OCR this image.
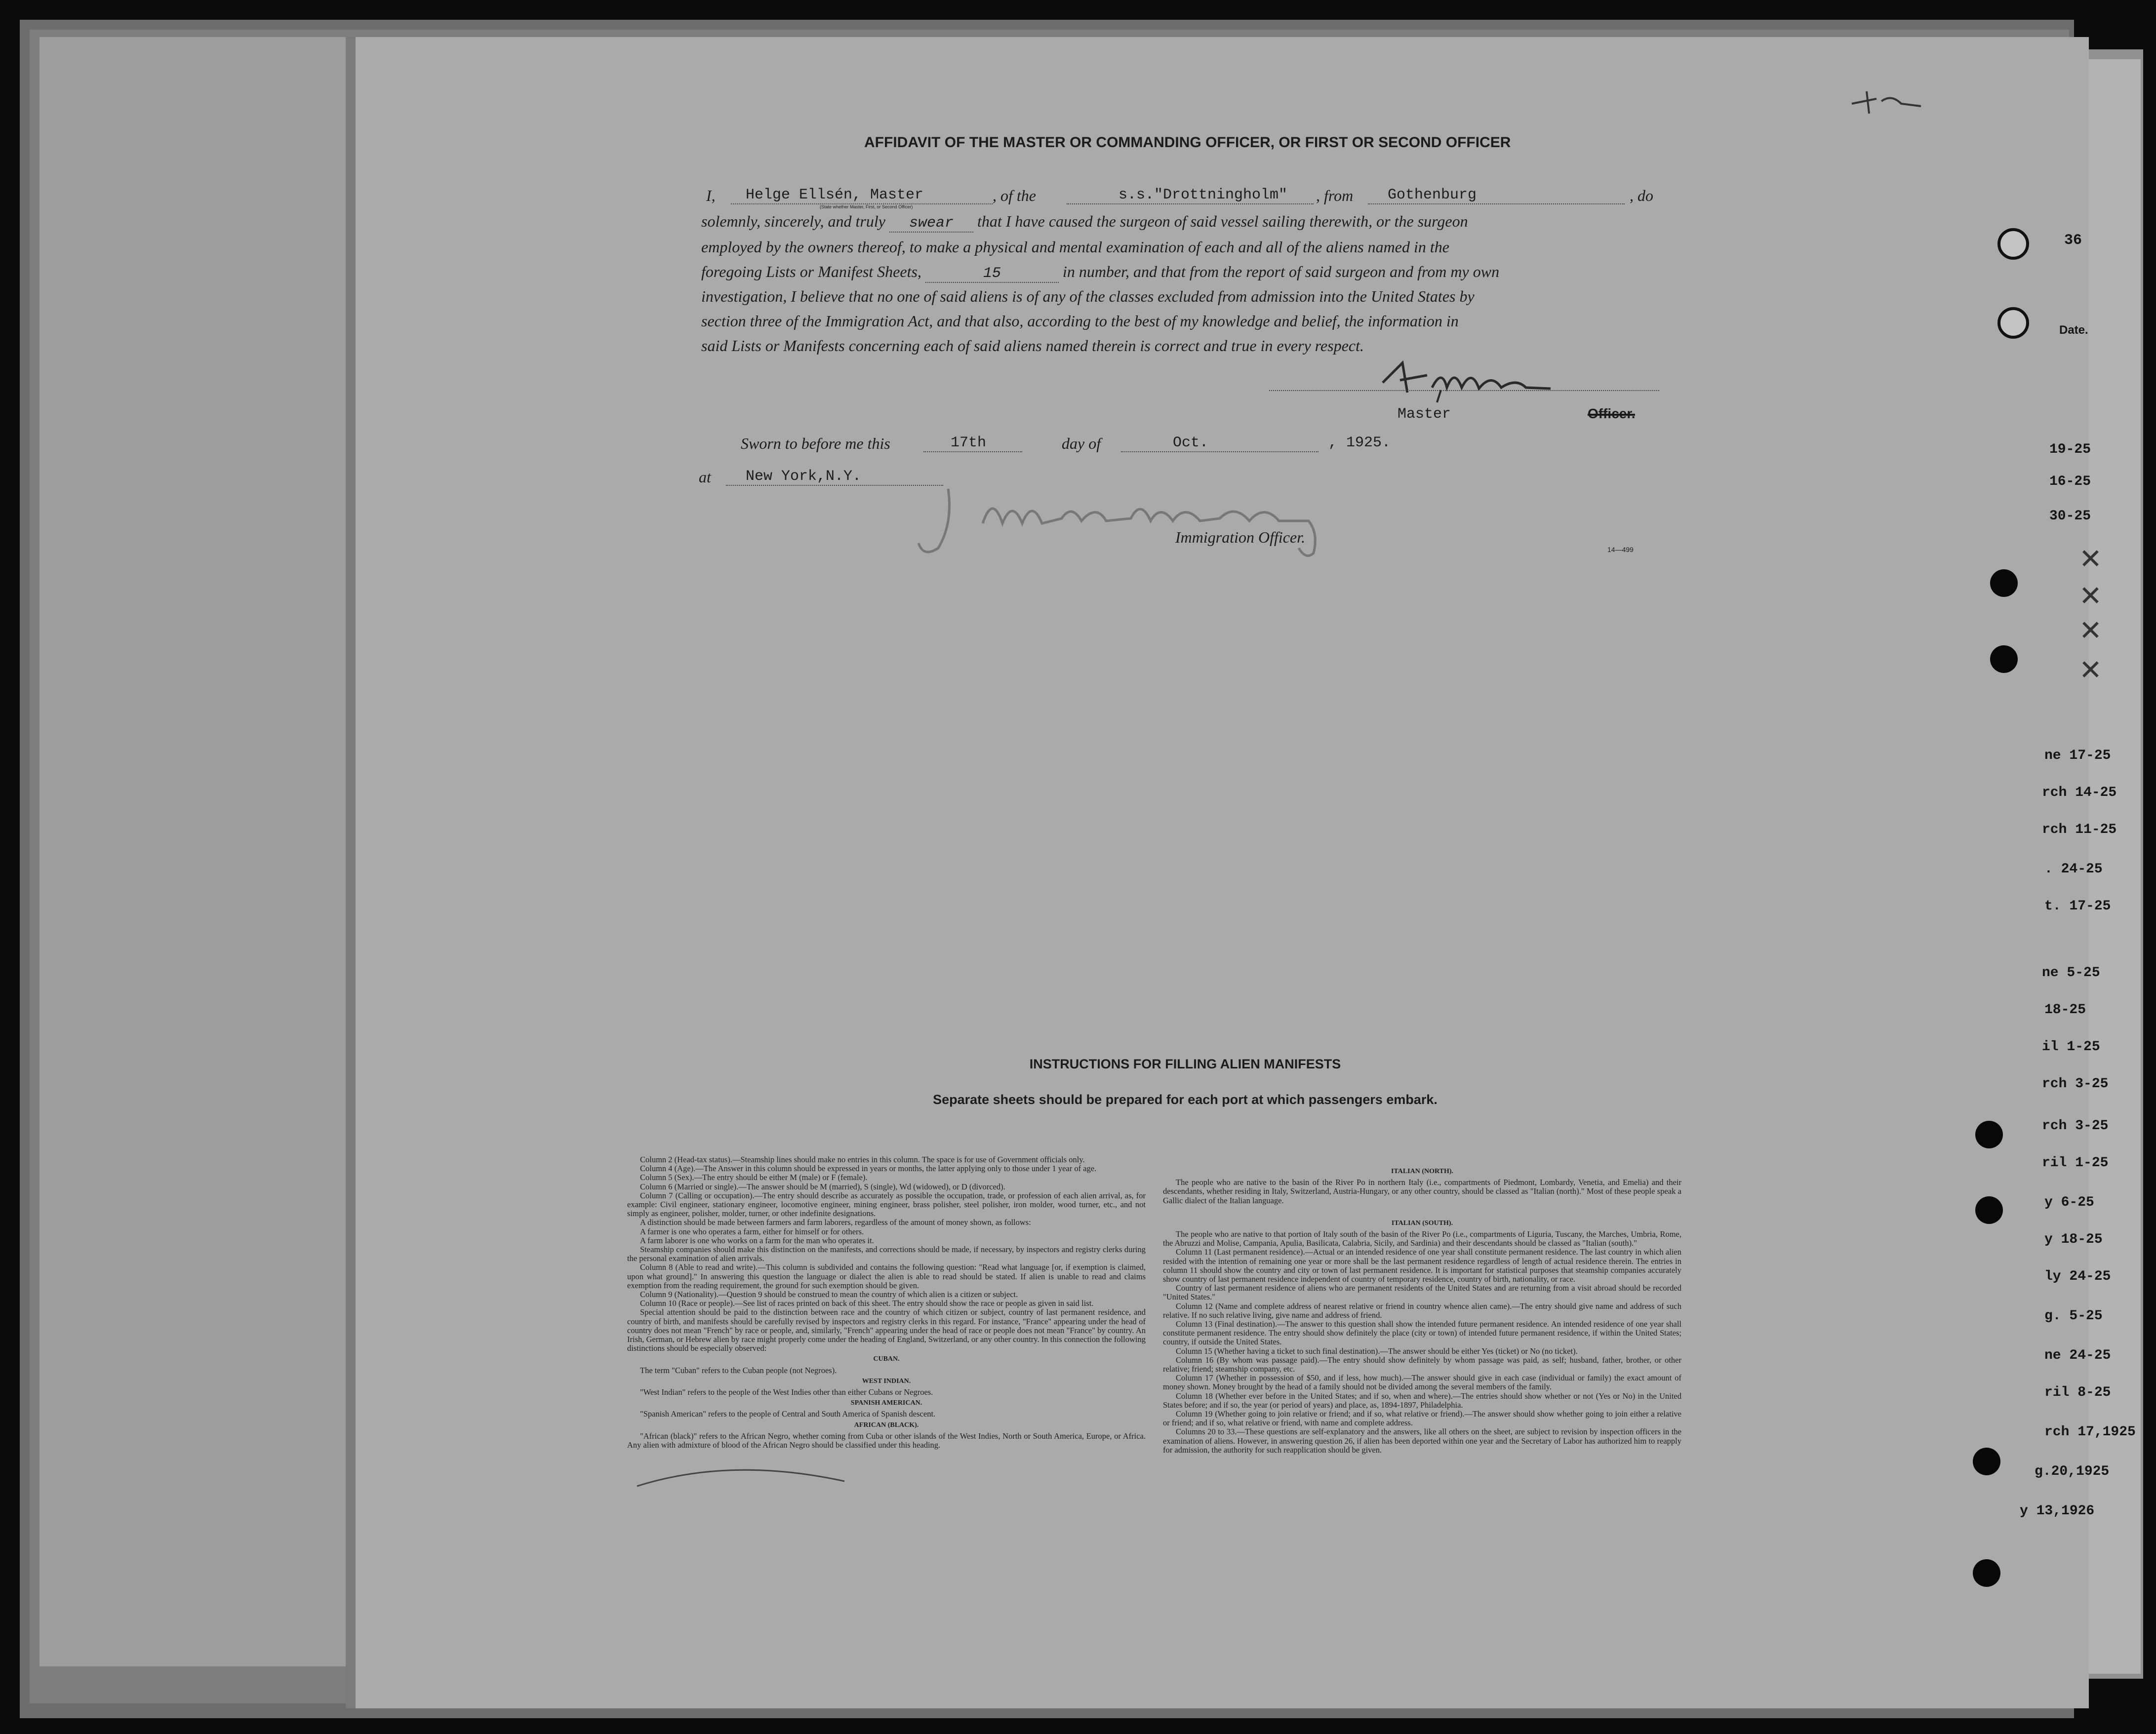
AFFIDAVIT OF THE MASTER OR COMMANDING OFFICER, OR FIRST OR SECOND OFFICER
I, Helge Ellsén, Master
(State whether Master, First, or Second Officer)
, of the	s.s."Drottningholm" , from Gothenburg	, do
solemnly, sincerely, and truly swear that I have caused the surgeon of said vessel sailing therewith, or the surgeon
employed by the owners thereof, to make a physical and mental examination of each and all of the aliens named in the
foregoing Lists or Manifest Sheets,	15	in number, and that from the report of said surgeon and from my own
investigation, I believe that no one of said aliens is of any of the classes excluded from admission into the United States by
section three of the Immigration Act, and that also, according to the best of my knowledge and belief, the information in
said Lists or Manifests concerning each of said aliens named therein is correct and true in every respect.
Master
Sworn to before me this	17th	day of	Oct.	, 1925.
at New York,N.Y.
Immigration Officer.
14—499
INSTRUCTIONS FOR FILLING ALIEN MANIFESTS
Separate sheets should be prepared for each port at which passengers embark.

Column 2 (Head-tax status).—Steamship lines should make no entries in this column. The space is for use of Government officials only.

Column 4 (Age).—The Answer in this column should be expressed in years or months, the latter applying only to those under 1 year of age.

Column 5 (Sex).—The entry should be either M (male) or F (female).

Column 6 (Married or single).—The answer should be M (married), S (single), Wd (widowed), or D (divorced).

Column 7 (Calling or occupation).—The entry should describe as accurately as possible the occupation, trade, or profession of each alien arrival, as, for example: Civil engineer, stationary engineer, locomotive engineer, mining engineer, brass polisher, steel polisher, iron molder, wood turner, etc., and not simply as engineer, polisher, molder, turner, or other indefinite designations.

A distinction should be made between farmers and farm laborers, regardless of the amount of money shown, as follows:

A farmer is one who operates a farm, either for himself or for others.

A farm laborer is one who works on a farm for the man who operates it.

Steamship companies should make this distinction on the manifests, and corrections should be made, if necessary, by inspectors and registry clerks during the personal examination of alien arrivals.

Column 8 (Able to read and write).—This column is subdivided and contains the following question: "Read what language [or, if exemption is claimed, upon what ground]." In answering this question the language or dialect the alien is able to read should be stated. If alien is unable to read and claims exemption from the reading requirement, the ground for such exemption should be given.

Column 9 (Nationality).—Question 9 should be construed to mean the country of which alien is a citizen or subject.

Column 10 (Race or people).—See list of races printed on back of this sheet. The entry should show the race or people as given in said list.

Special attention should be paid to the distinction between race and the country of which citizen or subject, country of last permanent residence, and country of birth, and manifests should be carefully revised by inspectors and registry clerks in this regard. For instance, "France" appearing under the head of country does not mean "French" by race or people, and, similarly, "French" appearing under the head of race or people does not mean "France" by country. An Irish, German, or Hebrew alien by race might properly come under the heading of England, Switzerland, or any other country. In this connection the following distinctions should be especially observed:

CUBAN.

The term "Cuban" refers to the Cuban people (not Negroes).

WEST INDIAN.

"West Indian" refers to the people of the West Indies other than either Cubans or Negroes.

SPANISH AMERICAN.

"Spanish American" refers to the people of Central and South America of Spanish descent.

AFRICAN (BLACK).

"African (black)" refers to the African Negro, whether coming from Cuba or other islands of the West Indies, North or South America, Europe, or Africa. Any alien with admixture of blood of the African Negro should be classified under this heading.

ITALIAN (NORTH).

The people who are native to the basin of the River Po in northern Italy (i.e., compartments of Piedmont, Lombardy, Venetia, and Emelia) and their descendants, whether residing in Italy, Switzerland, Austria-Hungary, or any other country, should be classed as "Italian (north)." Most of these people speak a Gallic dialect of the Italian language.

ITALIAN (SOUTH).

The people who are native to that portion of Italy south of the basin of the River Po (i.e., compartments of Liguria, Tuscany, the Marches, Umbria, Rome, the Abruzzi and Molise, Campania, Apulia, Basilicata, Calabria, Sicily, and Sardinia) and their descendants should be classed as "Italian (south)."

Column 11 (Last permanent residence).—Actual or an intended residence of one year shall constitute permanent residence. The last country in which alien resided with the intention of remaining one year or more shall be the last permanent residence regardless of length of actual residence therein. The entries in column 11 should show the country and city or town of last permanent residence. It is important for statistical purposes that steamship companies accurately show country of last permanent residence independent of country of temporary residence, country of birth, nationality, or race.

Country of last permanent residence of aliens who are permanent residents of the United States and are returning from a visit abroad should be recorded "United States."

Column 12 (Name and complete address of nearest relative or friend in country whence alien came).—The entry should give name and address of such relative. If no such relative living, give name and address of friend.

Column 13 (Final destination).—The answer to this question shall show the intended future permanent residence. An intended residence of one year shall constitute permanent residence. The entry should show definitely the place (city or town) of intended future permanent residence, if within the United States; country, if outside the United States.

Column 15 (Whether having a ticket to such final destination).—The answer should be either Yes (ticket) or No (no ticket).

Column 16 (By whom was passage paid).—The entry should show definitely by whom passage was paid, as self; husband, father, brother, or other relative; friend; steamship company, etc.

Column 17 (Whether in possession of $50, and if less, how much).—The answer should give in each case (individual or family) the exact amount of money shown. Money brought by the head of a family should not be divided among the several members of the family.

Column 18 (Whether ever before in the United States; and if so, when and where).—The entries should show whether or not (Yes or No) in the United States before; and if so, the year (or period of years) and place, as, 1894-1897, Philadelphia.

Column 19 (Whether going to join relative or friend; and if so, what relative or friend).—The answer should show whether going to join either a relative or friend; and if so, what relative or friend, with name and complete address.

Columns 20 to 33.—These questions are self-explanatory and the answers, like all others on the sheet, are subject to revision by inspection officers in the examination of aliens. However, in answering question 26, if alien has been deported within one year and the Secretary of Labor has authorized him to reapply for admission, the authority for such reapplication should be given.

36
Date.
19-25
16-25
30-25
ne 17-25
rch 14-25
rch 11-25
. 24-25
t. 17-25
ne 5-25
18-25
il 1-25
rch 3-25
rch 3-25
ril 1-25
y 6-25
y 18-25
ly 24-25
g. 5-25
ne 24-25
ril 8-25
rch 17,1925
g.20,1925
y 13,1926
✕
✕
✕
✕
